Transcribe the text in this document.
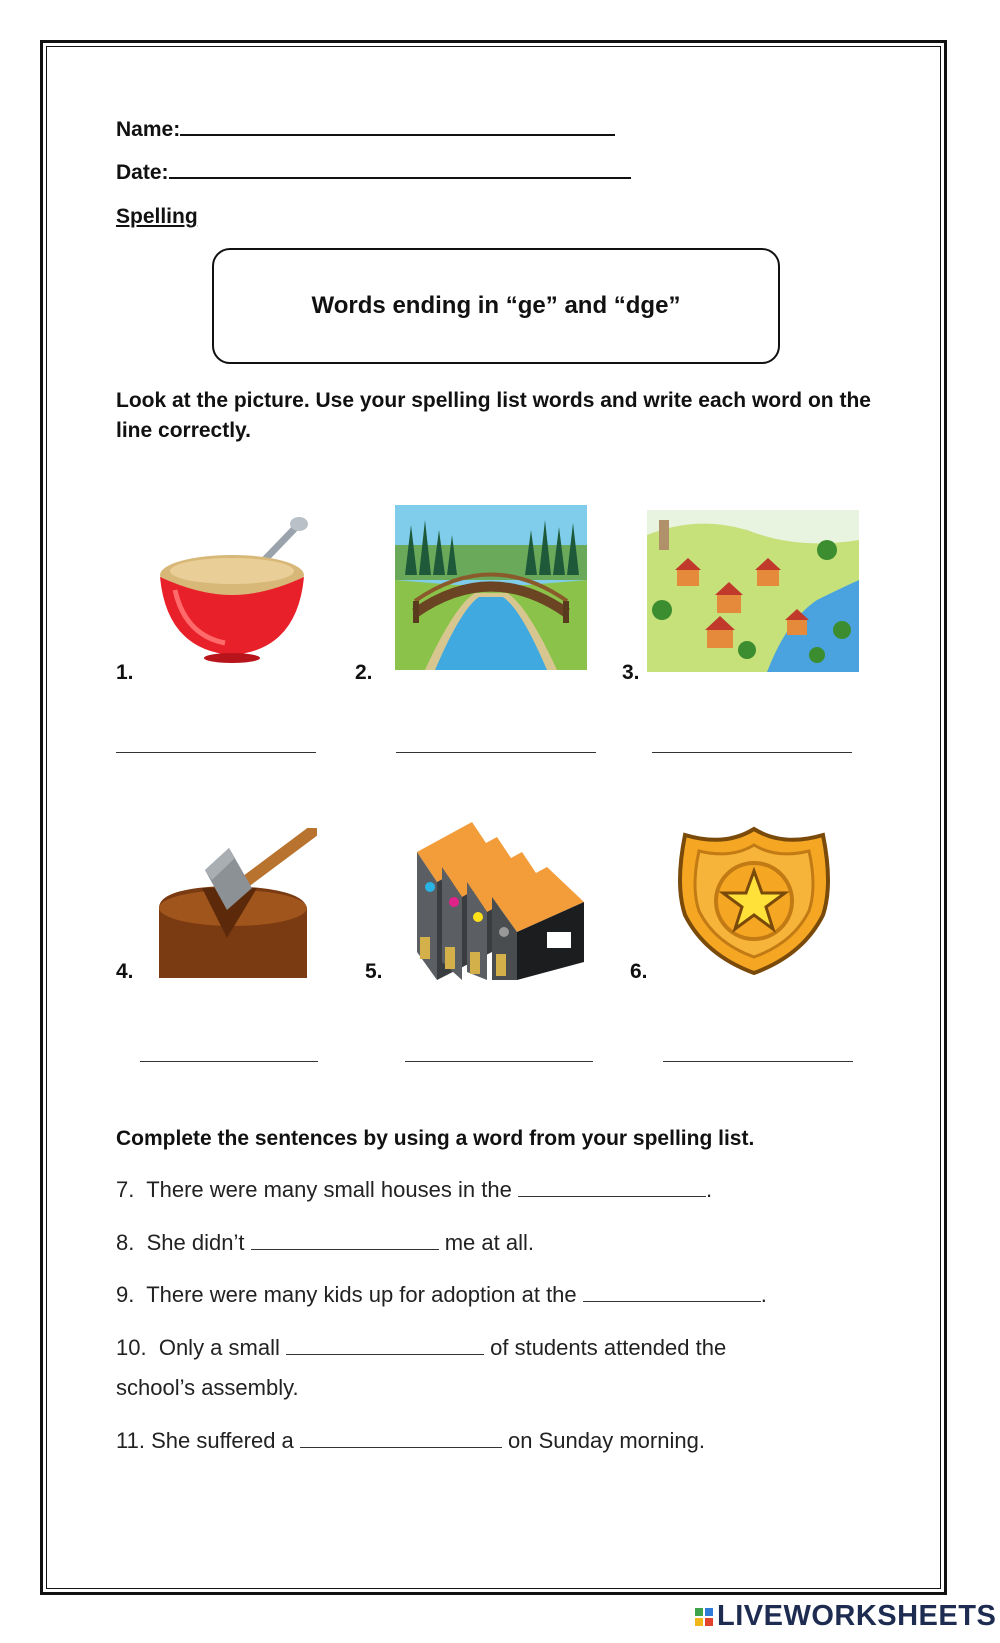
Name:
Date:
Spelling
Words ending in “ge” and “dge”
Look at the picture. Use your spelling list words and write each word on the line correctly.
1.	2.	3.
4.	5.	6.
Complete the sentences by using a word from your spelling list.
7. There were many small houses in the	.
8. She didn’t	me at all.
9. There were many kids up for adoption at the	.
10. Only a small	of students attended the
school’s assembly.
11. She suffered a	on Sunday morning.
LIVEWORKSHEETS
